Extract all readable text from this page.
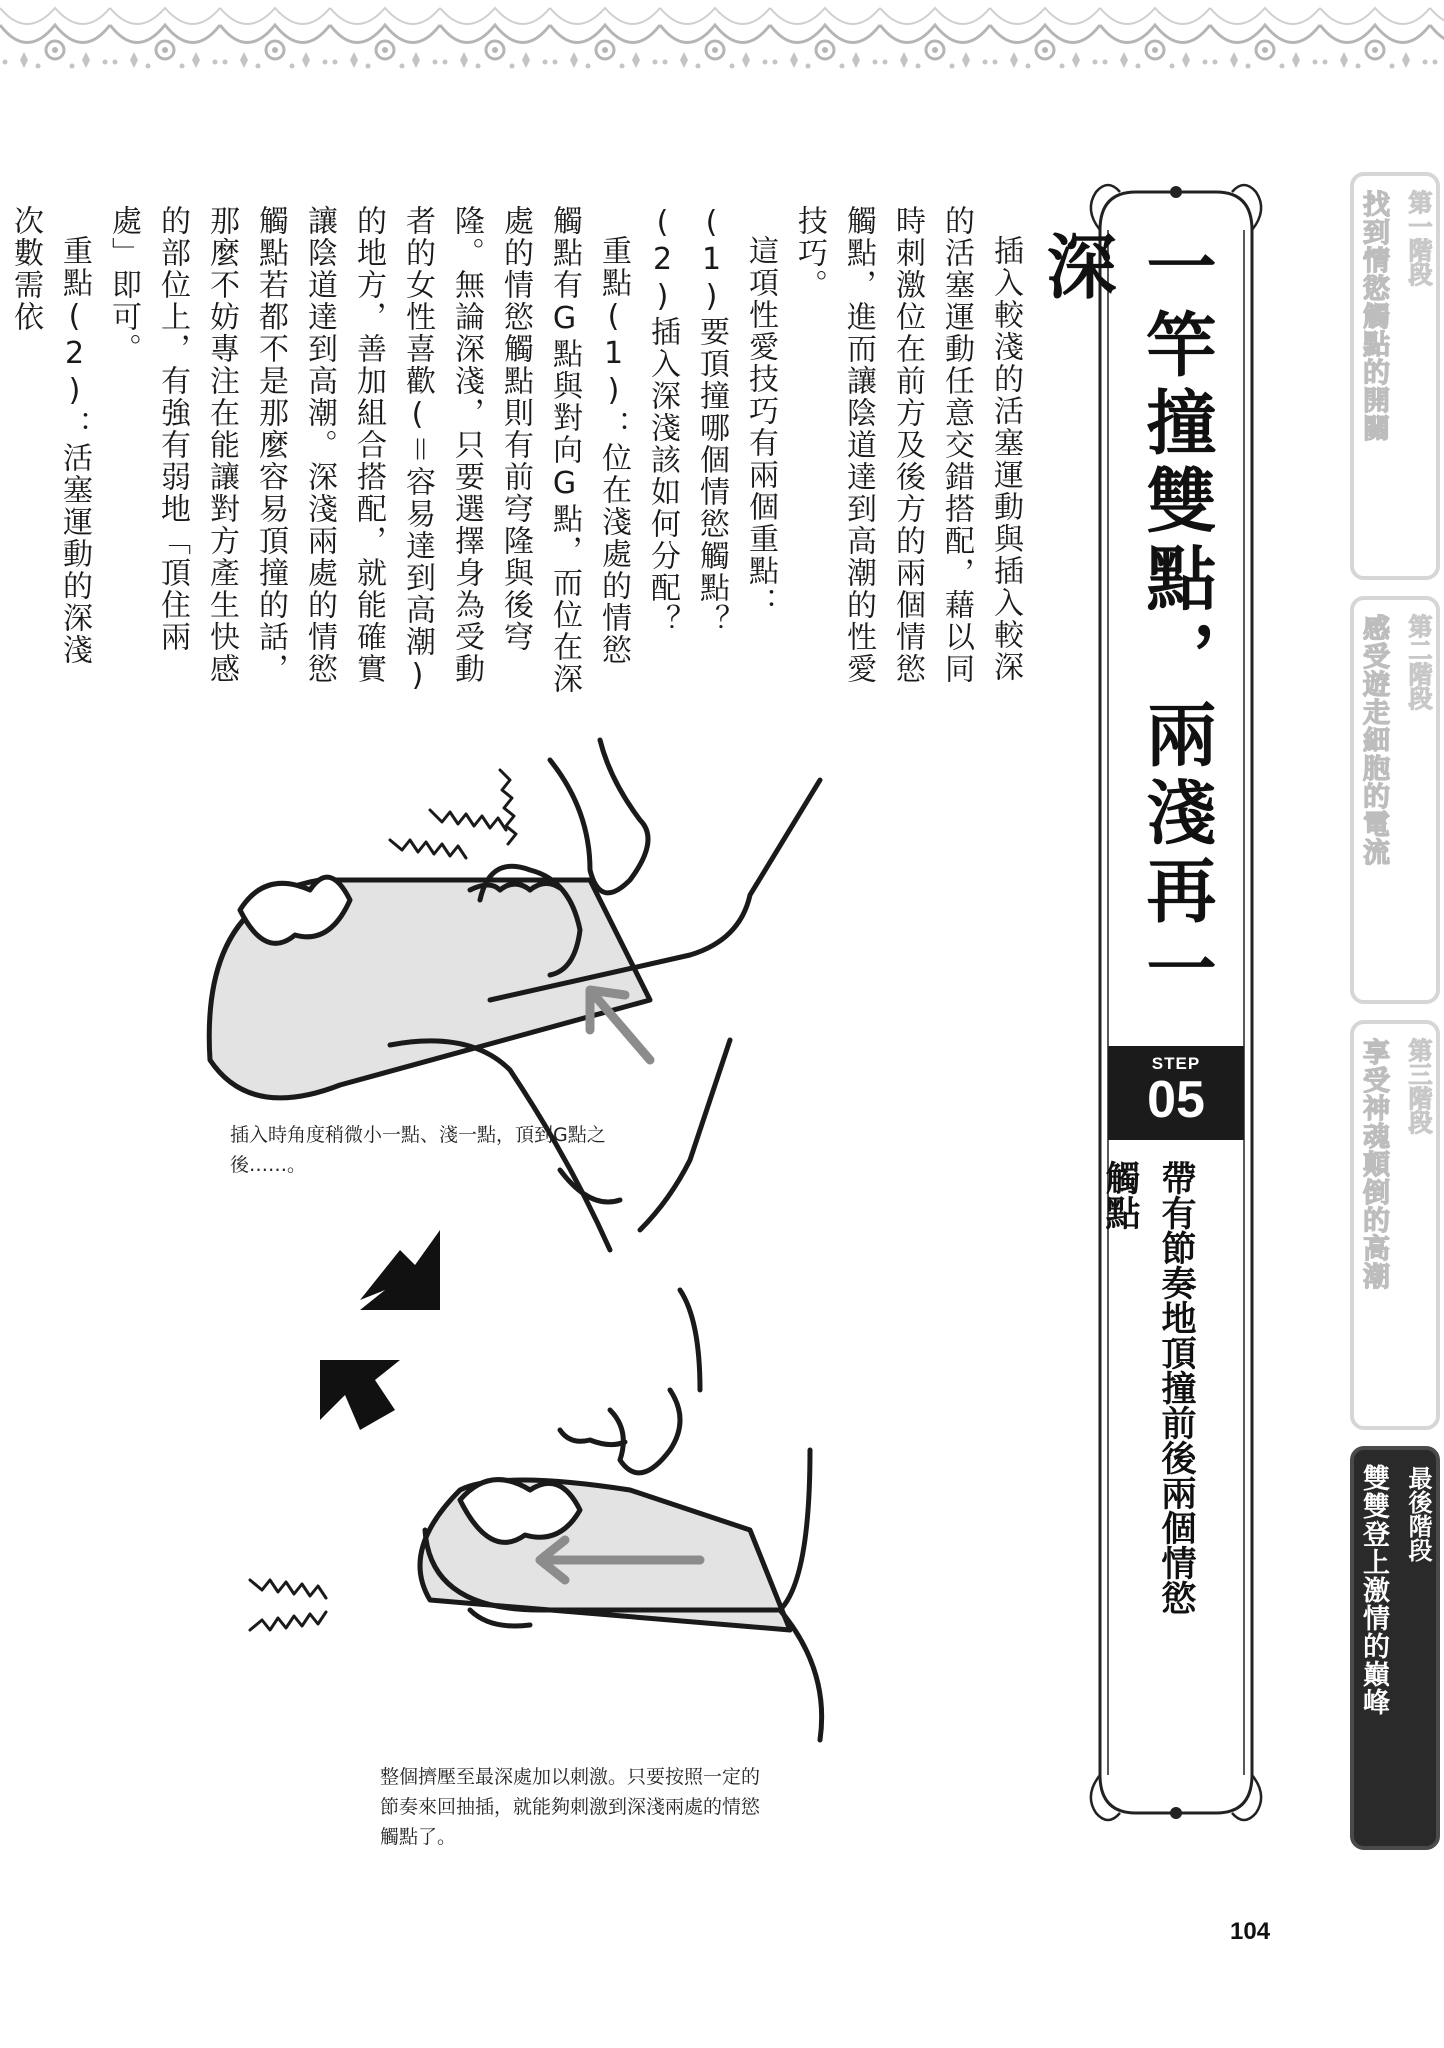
一竿撞雙點，兩淺再一深
STEP
05
帶有節奏地頂撞前後兩個情慾觸點

插入較淺的活塞運動與插入較深的活塞運動任意交錯搭配，藉以同時刺激位在前方及後方的兩個情慾觸點，進而讓陰道達到高潮的性愛技巧。

這項性愛技巧有兩個重點：(1)要頂撞哪個情慾觸點？(2)插入深淺該如何分配？

重點(1)：位在淺處的情慾觸點有G點與對向G點，而位在深處的情慾觸點則有前穹隆與後穹隆。無論深淺，只要選擇身為受動者的女性喜歡(＝容易達到高潮)的地方，善加組合搭配，就能確實讓陰道達到高潮。深淺兩處的情慾觸點若都不是那麼容易頂撞的話，那麼不妨專注在能讓對方產生快感的部位上，有強有弱地「頂住兩處」即可。

重點(2)：活塞運動的深淺次數需依	第一階段
找到情慾觸點的開關
第二階段
感受遊走細胞的電流
第三階段
享受神魂顛倒的高潮
最後階段
雙雙登上激情的巔峰

插入時角度稍微小一點、淺一點，頂到G點之後……。

整個擠壓至最深處加以刺激。只要按照一定的節奏來回抽插，就能夠刺激到深淺兩處的情慾觸點了。

104
